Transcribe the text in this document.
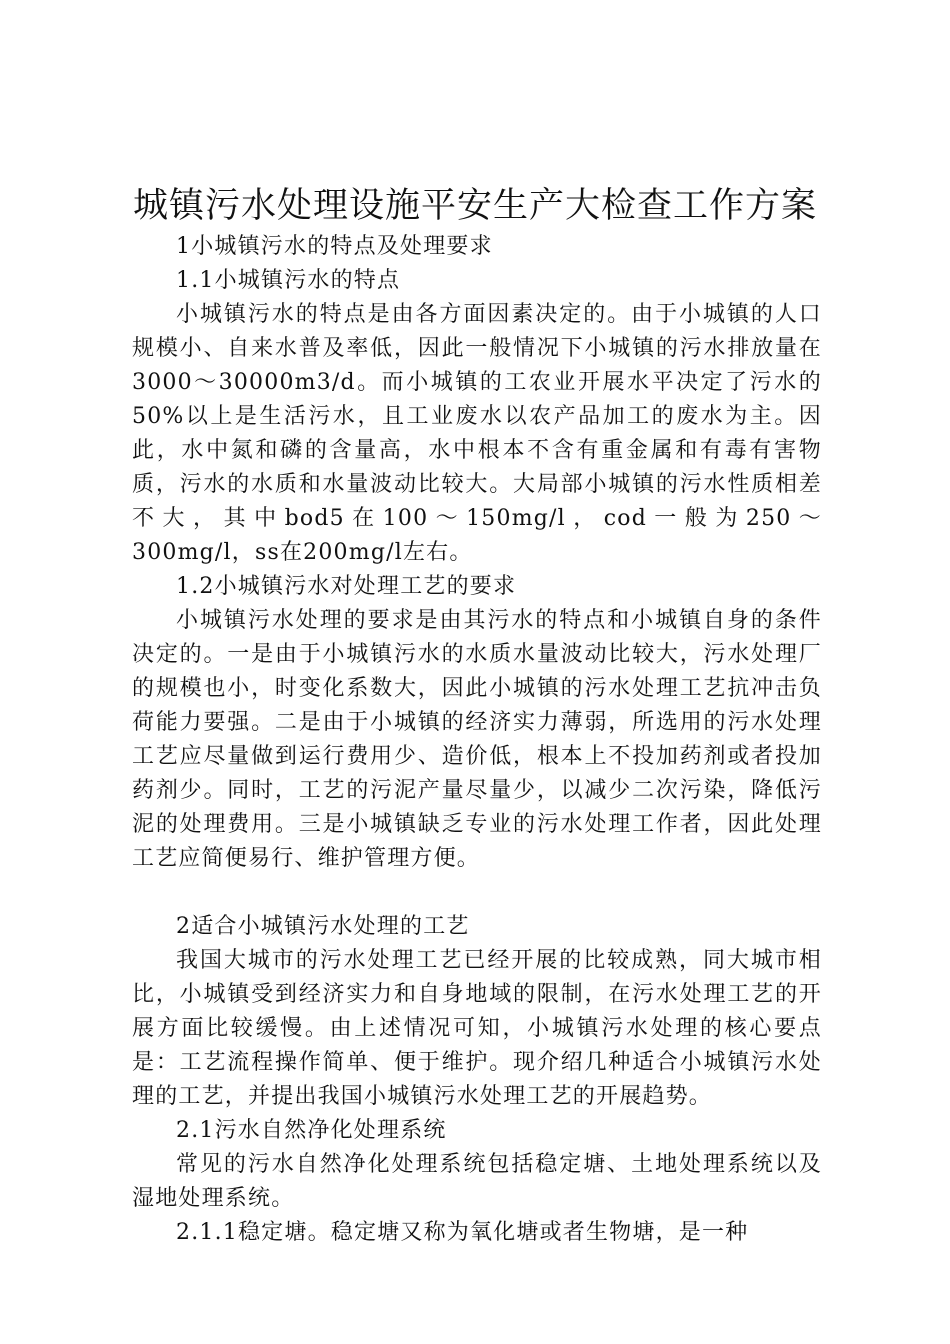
城镇污水处理设施平安生产大检查工作方案

1小城镇污水的特点及处理要求

1.1小城镇污水的特点

小城镇污水的特点是由各方面因素决定的。由于小城镇的人口规模小、自来水普及率低，因此一般情况下小城镇的污水排放量在3000～30000m3/d。而小城镇的工农业开展水平决定了污水的50%以上是生活污水，且工业废水以农产品加工的废水为主。因此，水中氮和磷的含量高，水中根本不含有重金属和有毒有害物质，污水的水质和水量波动比较大。大局部小城镇的污水性质相差不大，其中bod5在100～150mg/l，cod一般为250～300mg/l，ss在200mg/l左右。

1.2小城镇污水对处理工艺的要求

小城镇污水处理的要求是由其污水的特点和小城镇自身的条件决定的。一是由于小城镇污水的水质水量波动比较大，污水处理厂的规模也小，时变化系数大，因此小城镇的污水处理工艺抗冲击负荷能力要强。二是由于小城镇的经济实力薄弱，所选用的污水处理工艺应尽量做到运行费用少、造价低，根本上不投加药剂或者投加药剂少。同时，工艺的污泥产量尽量少，以减少二次污染，降低污泥的处理费用。三是小城镇缺乏专业的污水处理工作者，因此处理工艺应简便易行、维护管理方便。

2适合小城镇污水处理的工艺

我国大城市的污水处理工艺已经开展的比较成熟，同大城市相比，小城镇受到经济实力和自身地域的限制，在污水处理工艺的开展方面比较缓慢。由上述情况可知，小城镇污水处理的核心要点是：工艺流程操作简单、便于维护。现介绍几种适合小城镇污水处理的工艺，并提出我国小城镇污水处理工艺的开展趋势。

2.1污水自然净化处理系统

常见的污水自然净化处理系统包括稳定塘、土地处理系统以及湿地处理系统。

2.1.1稳定塘。稳定塘又称为氧化塘或者生物塘，是一种
